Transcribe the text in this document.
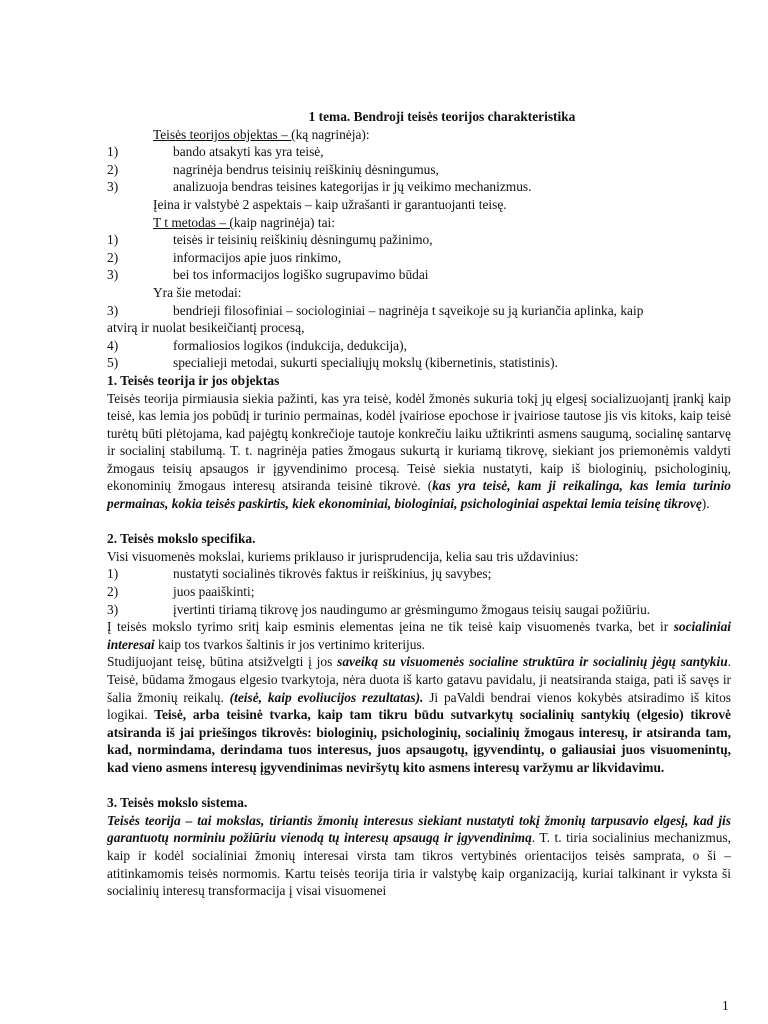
1 tema. Bendroji teisės teorijos charakteristika

Teisės teorijos objektas – (ką nagrinėja):

1)	bando atsakyti kas yra teisė,
2)	nagrinėja bendrus teisinių reiškinių dėsningumus,
3)	analizuoja bendras teisines kategorijas ir jų veikimo mechanizmus.

Įeina ir valstybė 2 aspektais – kaip užrašanti ir garantuojanti teisę.

T t metodas – (kaip nagrinėja) tai:

1)	teisės ir teisinių reiškinių dėsningumų pažinimo,
2)	informacijos apie juos rinkimo,
3)	bei tos informacijos logiško sugrupavimo būdai

Yra šie metodai:

3)	bendrieji filosofiniai – sociologiniai – nagrinėja t sąveikoje su ją kuriančia aplinka, kaip
atvirą ir nuolat besikeičiantį procesą,
4)	formaliosios logikos (indukcija, dedukcija),
5)	specialieji metodai, sukurti specialiųjų mokslų (kibernetinis, statistinis).

1. Teisės teorija ir jos objektas

Teisės teorija pirmiausia siekia pažinti, kas yra teisė, kodėl žmonės sukuria tokį jų elgesį socializuojantį įrankį kaip teisė, kas lemia jos pobūdį ir turinio permainas, kodėl įvairiose epochose ir įvairiose tautose jis vis kitoks, kaip teisė turėtų būti plėtojama, kad pajėgtų konkrečioje tautoje konkrečiu laiku užtikrinti asmens saugumą, socialinę santarvę ir socialinį stabilumą. T. t. nagrinėja paties žmogaus sukurtą ir kuriamą tikrovę, siekiant jos priemonėmis valdyti žmogaus teisių apsaugos ir įgyvendinimo procesą. Teisė siekia nustatyti, kaip iš biologinių, psichologinių, ekonominių žmogaus interesų atsiranda teisinė tikrovė. (kas yra teisė, kam ji reikalinga, kas lemia turinio permainas, kokia teisės paskirtis, kiek ekonominiai, biologiniai, psichologiniai aspektai lemia teisinę tikrovę).

2. Teisės mokslo specifika.

Visi visuomenės mokslai, kuriems priklauso ir jurisprudencija, kelia sau tris uždavinius:

1)	nustatyti socialinės tikrovės faktus ir reiškinius, jų savybes;
2)	juos paaiškinti;
3)	įvertinti tiriamą tikrovę jos naudingumo ar grėsmingumo žmogaus teisių saugai požiūriu.

Į teisės mokslo tyrimo sritį kaip esminis elementas įeina ne tik teisė kaip visuomenės tvarka, bet ir socialiniai interesai kaip tos tvarkos šaltinis ir jos vertinimo kriterijus.

Studijuojant teisę, būtina atsižvelgti į jos saveiką su visuomenės socialine struktūra ir socialinių jėgų santykiu. Teisė, būdama žmogaus elgesio tvarkytoja, nėra duota iš karto gatavu pavidalu, ji neatsiranda staiga, pati iš savęs ir šalia žmonių reikalų. (teisė, kaip evoliucijos rezultatas). Ji paValdi bendrai vienos kokybės atsiradimo iš kitos logikai. Teisė, arba teisinė tvarka, kaip tam tikru būdu sutvarkytų socialinių santykių (elgesio) tikrovė atsiranda iš jai priešingos tikrovės: biologinių, psichologinių, socialinių žmogaus interesų, ir atsiranda tam, kad, normindama, derindama tuos interesus, juos apsaugotų, įgyvendintų, o galiausiai juos visuomenintų, kad vieno asmens interesų įgyvendinimas neviršytų kito asmens interesų varžymu ar likvidavimu.

3. Teisės mokslo sistema.

Teisės teorija – tai mokslas, tiriantis žmonių interesus siekiant nustatyti tokį žmonių tarpusavio elgesį, kad jis garantuotų norminiu požiūriu vienodą tų interesų apsaugą ir įgyvendinimą. T. t. tiria socialinius mechanizmus, kaip ir kodėl socialiniai žmonių interesai virsta tam tikros vertybinės orientacijos teisės samprata, o ši – atitinkamomis teisės normomis. Kartu teisės teorija tiria ir valstybę kaip organizaciją, kuriai talkinant ir vyksta ši socialinių interesų transformacija į visai visuomenei

1
